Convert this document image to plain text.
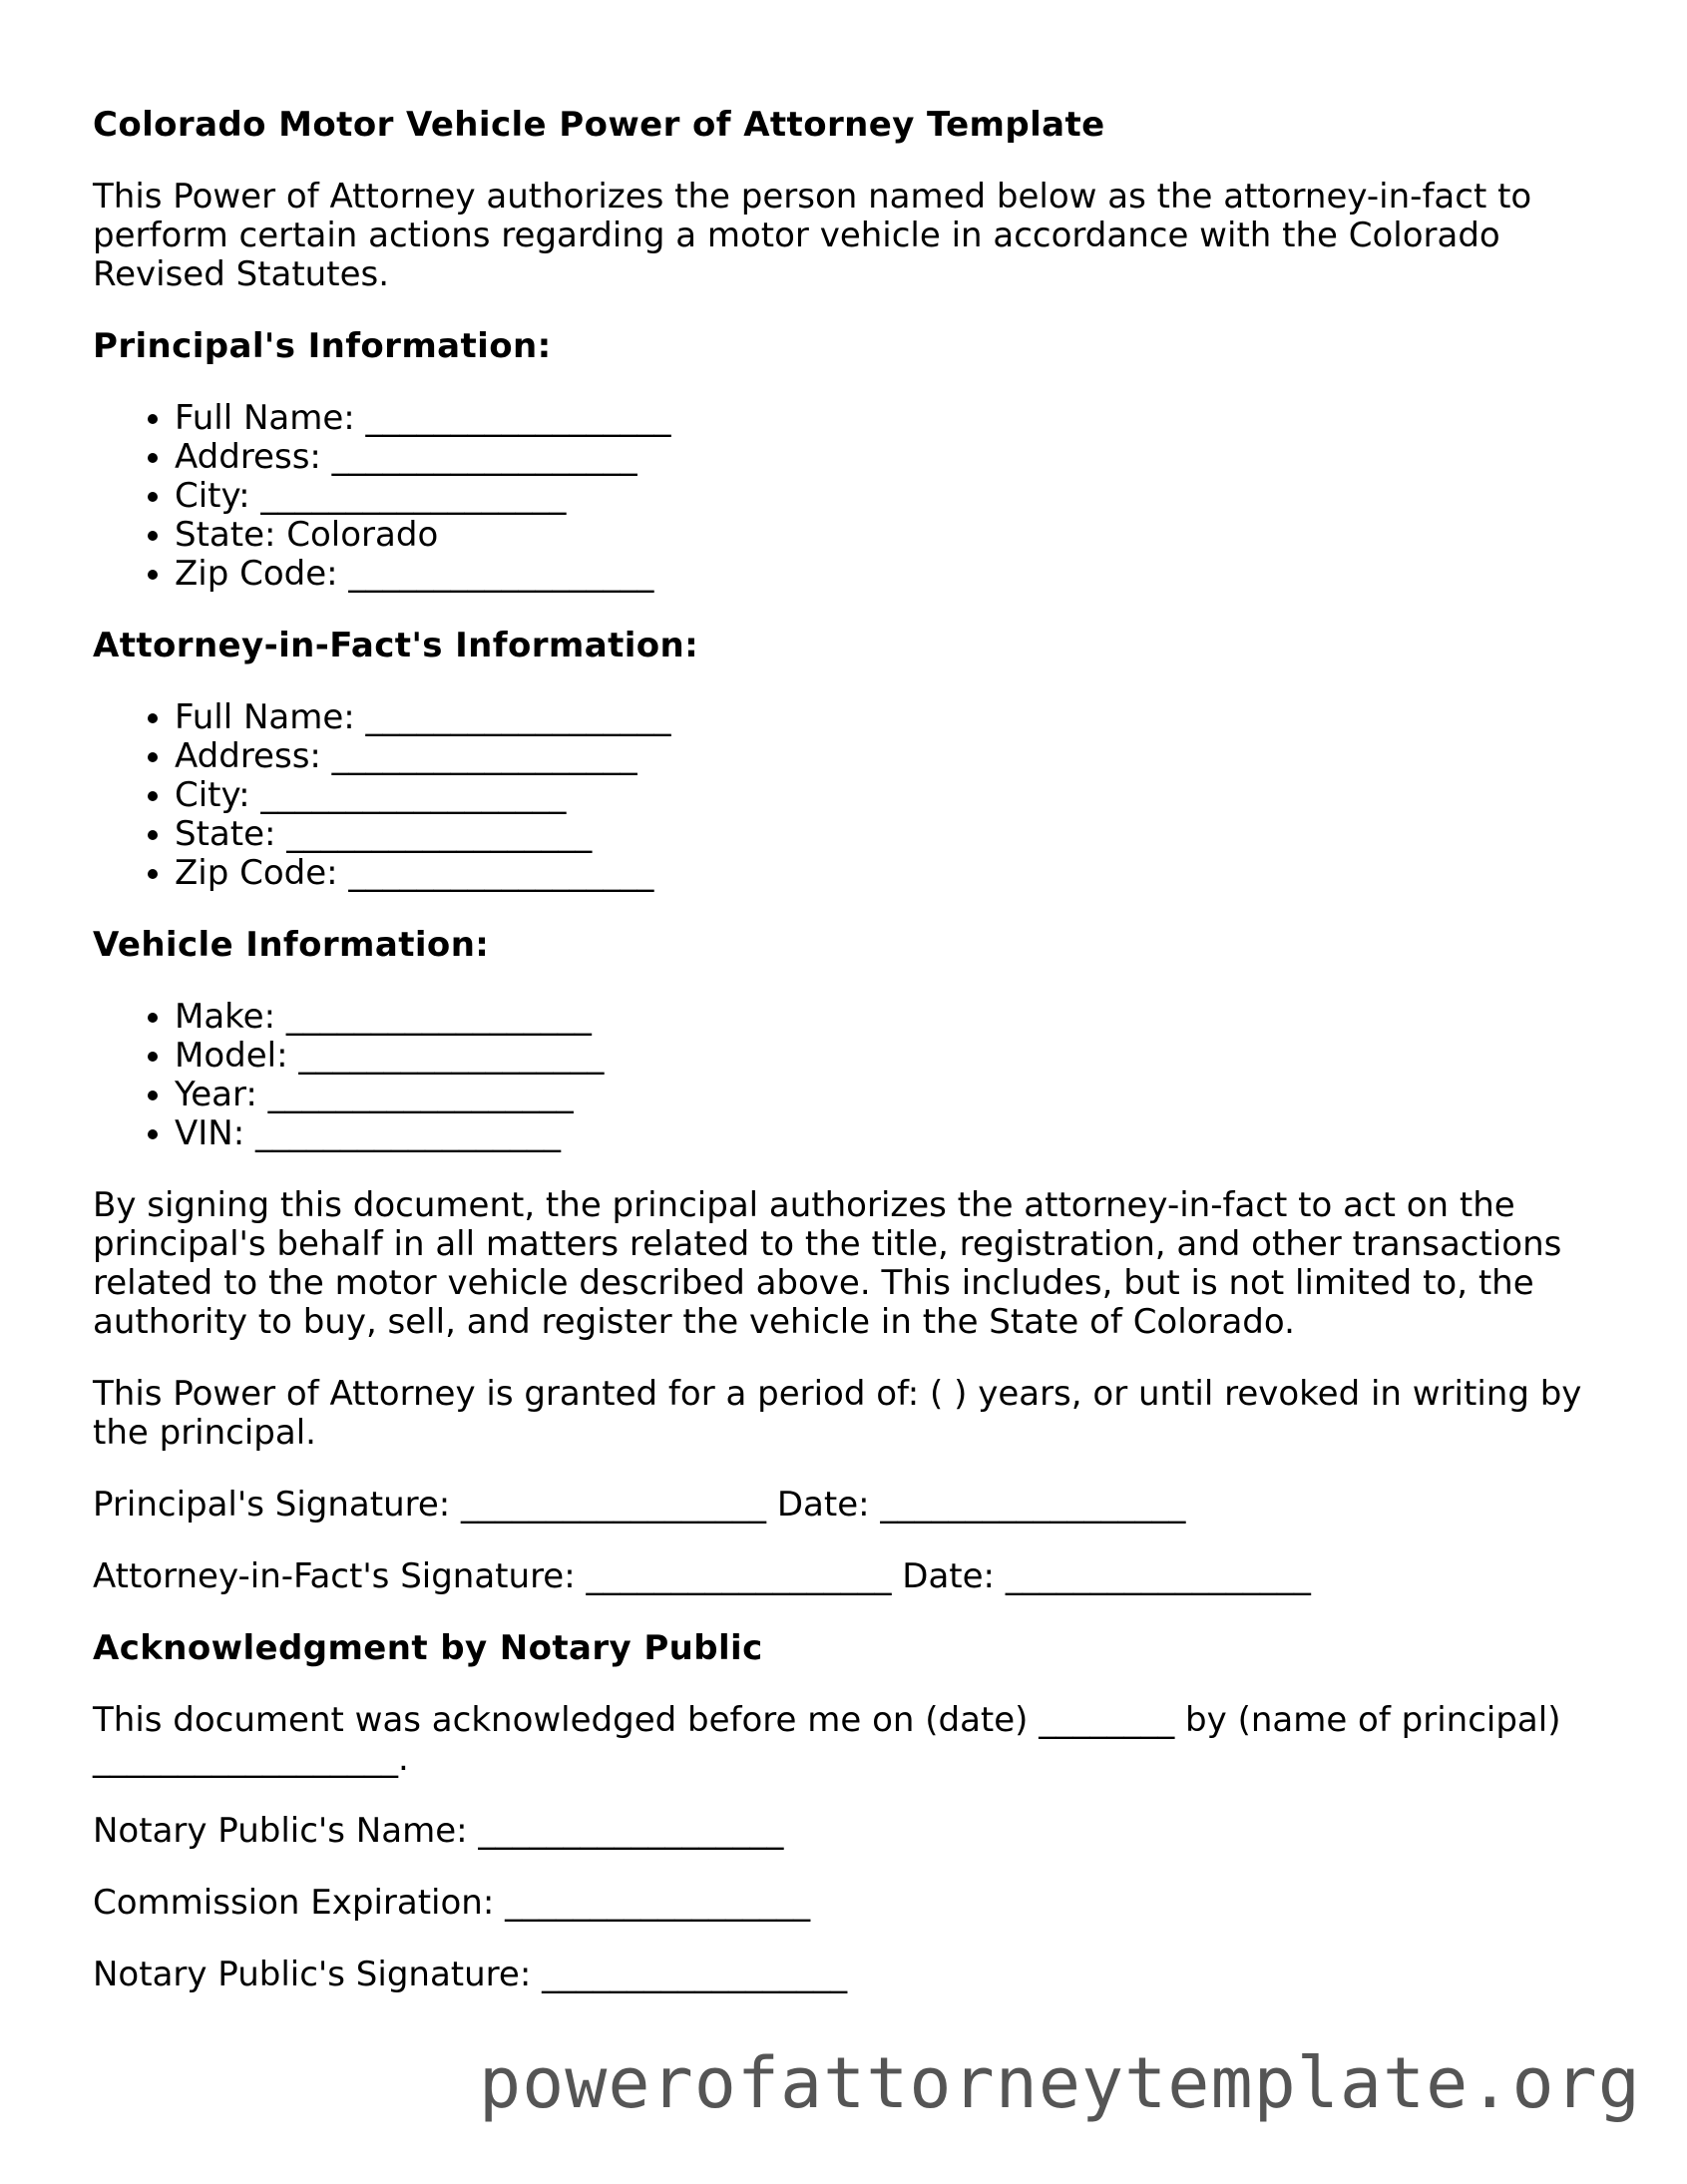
Colorado Motor Vehicle Power of Attorney Template

This Power of Attorney authorizes the person named below as the attorney-in-fact to perform certain actions regarding a motor vehicle in accordance with the Colorado Revised Statutes.

Principal's Information:
• Full Name: __________________
• Address: __________________
• City: __________________
• State: Colorado
• Zip Code: __________________
Attorney-in-Fact's Information:
• Full Name: __________________
• Address: __________________
• City: __________________
• State: __________________
• Zip Code: __________________
Vehicle Information:
• Make: __________________
• Model: __________________
• Year: __________________
• VIN: __________________

By signing this document, the principal authorizes the attorney-in-fact to act on the principal's behalf in all matters related to the title, registration, and other transactions related to the motor vehicle described above. This includes, but is not limited to, the authority to buy, sell, and register the vehicle in the State of Colorado.

This Power of Attorney is granted for a period of: ( ) years, or until revoked in writing by the principal.

Principal's Signature: __________________ Date: __________________

Attorney-in-Fact's Signature: __________________ Date: __________________

Acknowledgment by Notary Public

This document was acknowledged before me on (date) ________ by (name of principal) __________________.

Notary Public's Name: __________________

Commission Expiration: __________________

Notary Public's Signature: __________________

powerofattorneytemplate.org
